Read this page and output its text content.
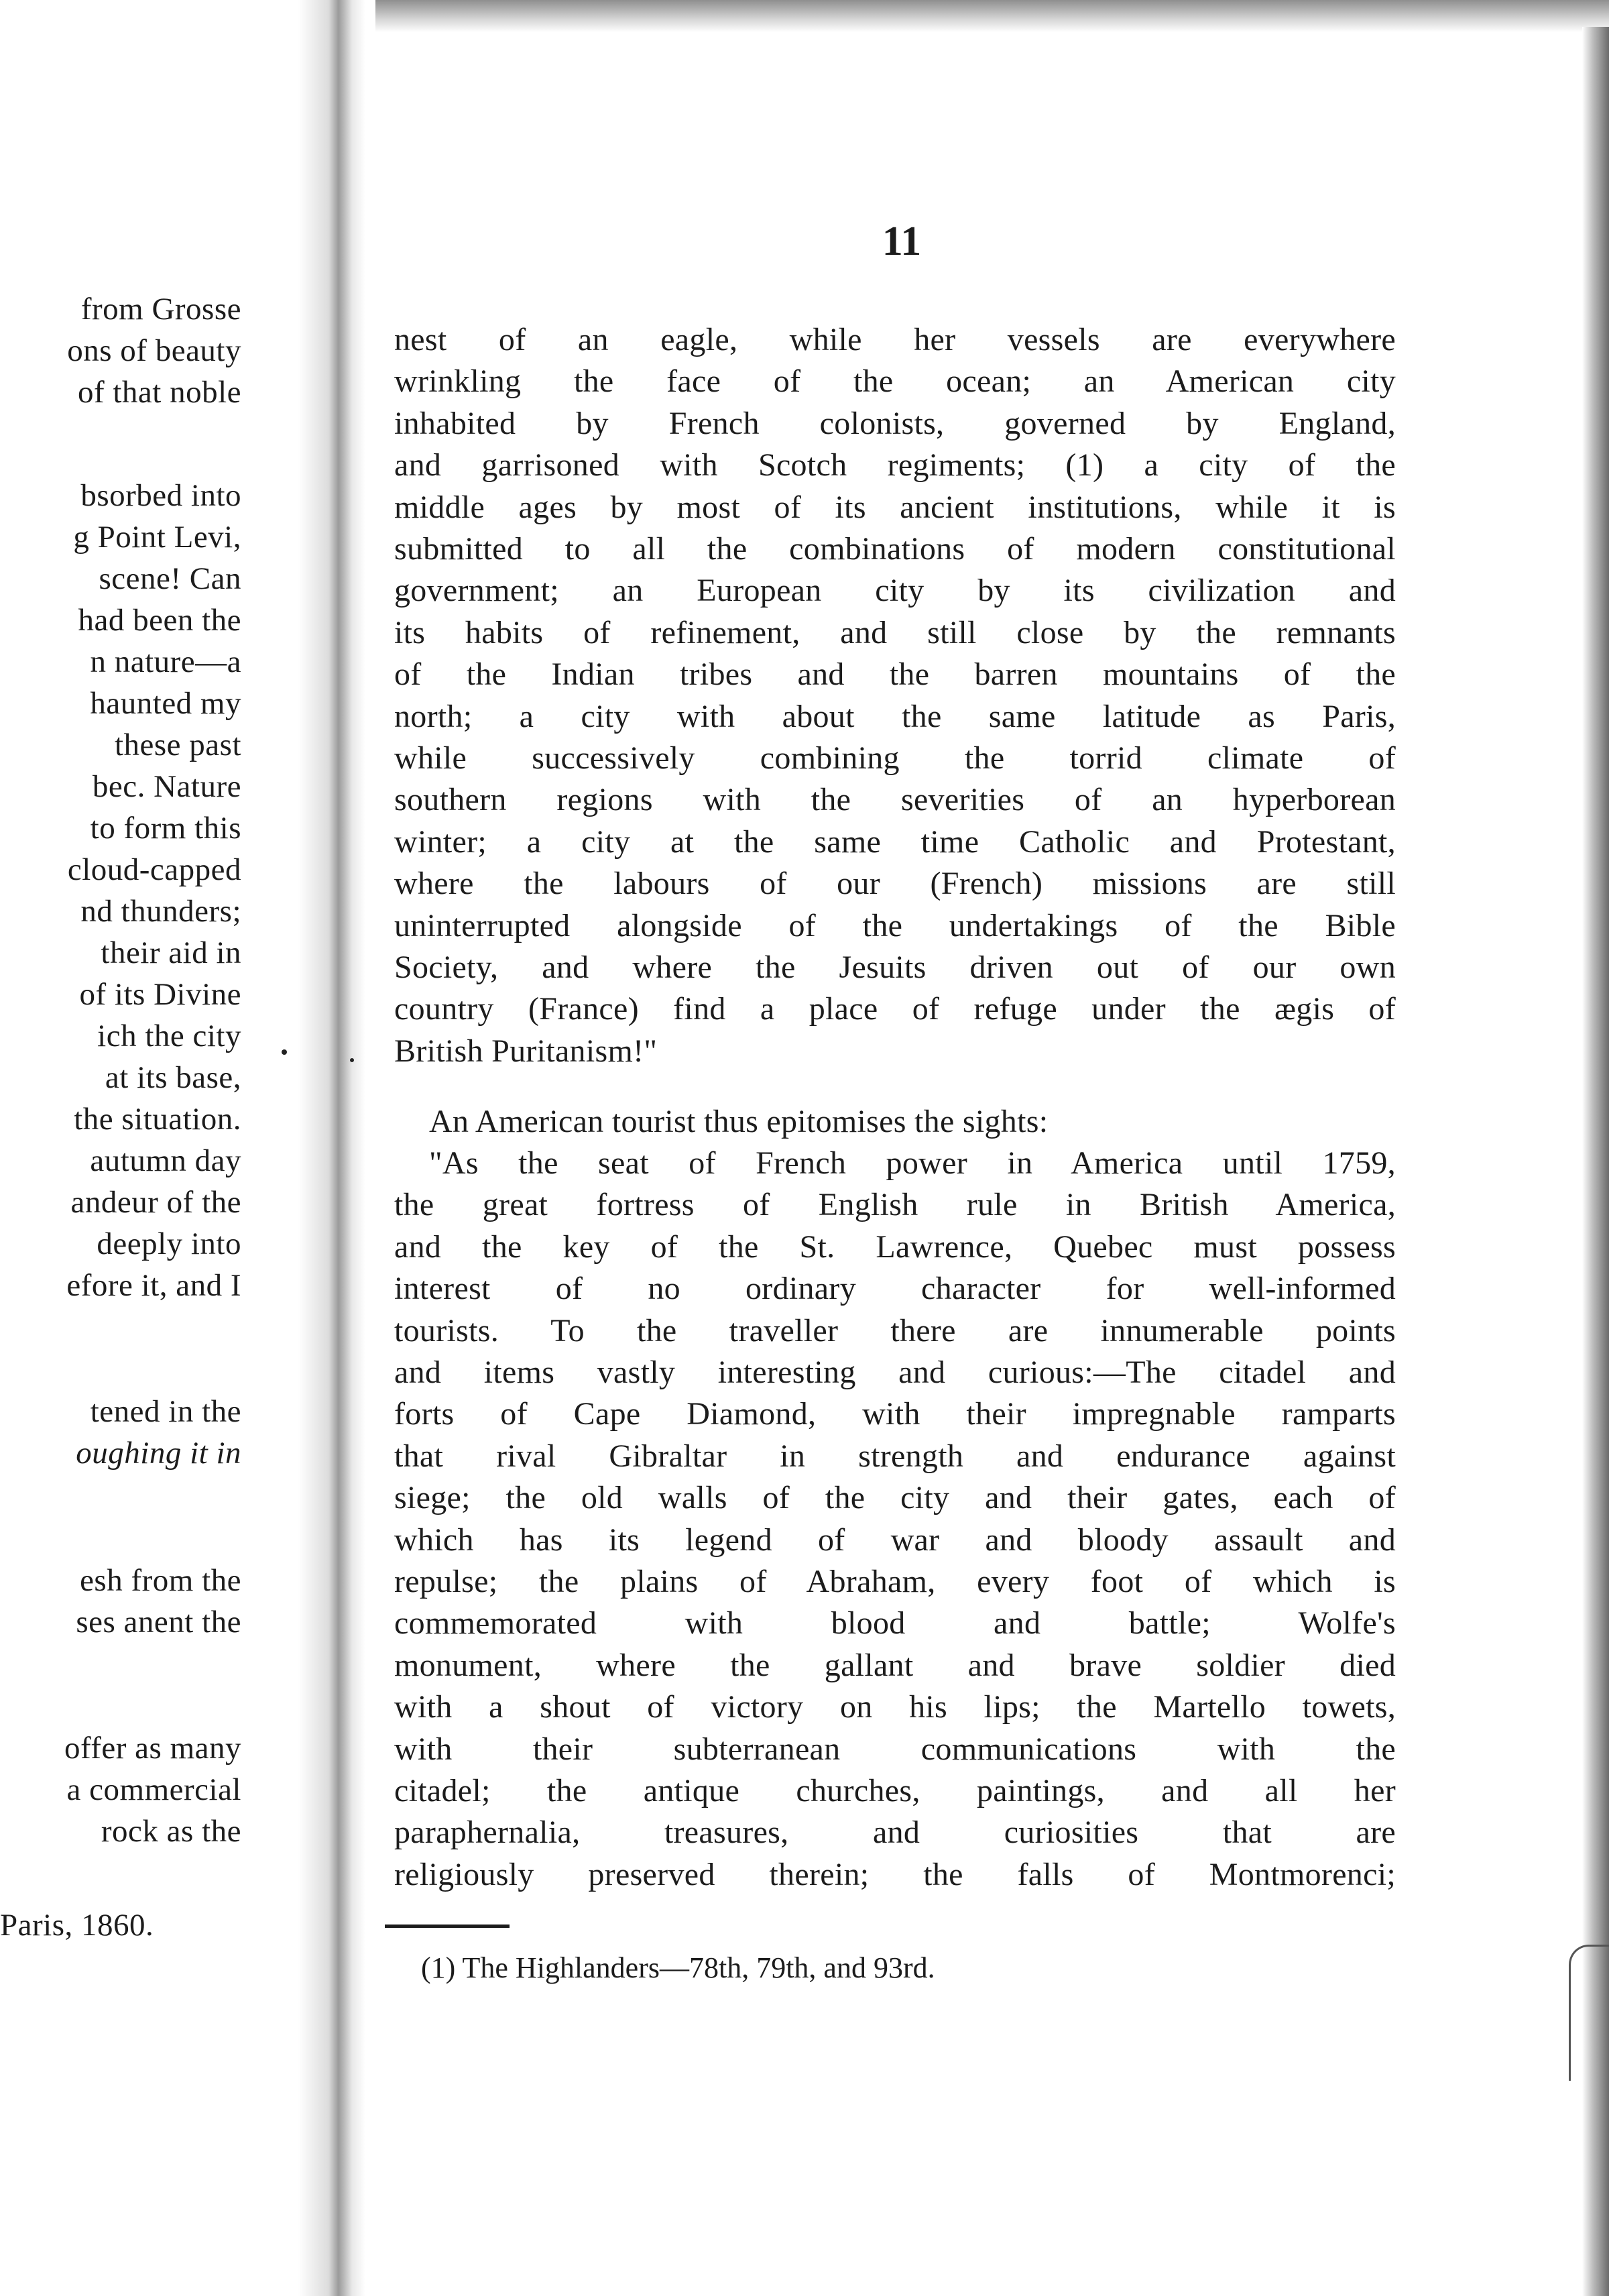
from Grosse
ons of beauty
of that noble
bsorbed into
g Point Levi,
scene! Can
had been the
n nature—a
haunted my
these past
bec. Nature
to form this
cloud-capped
nd thunders;
their aid in
of its Divine
ich the city
at its base,
the situation.
autumn day
andeur of the
deeply into
efore it, and I
tened in the
oughing it in
esh from the
ses anent the
offer as many
a commercial
rock as the
Paris, 1860.
11
nest of an eagle, while her vessels are everywhere
wrinkling the face of the ocean; an American city
inhabited by French colonists, governed by England,
and garrisoned with Scotch regiments; (1) a city of the
middle ages by most of its ancient institutions, while it is
submitted to all the combinations of modern constitutional
government; an European city by its civilization and
its habits of refinement, and still close by the remnants
of the Indian tribes and the barren mountains of the
north; a city with about the same latitude as Paris,
while successively combining the torrid climate of
southern regions with the severities of an hyperborean
winter; a city at the same time Catholic and Protestant,
where the labours of our (French) missions are still
uninterrupted alongside of the undertakings of the Bible
Society, and where the Jesuits driven out of our own
country (France) find a place of refuge under the ægis of
British Puritanism!"
An American tourist thus epitomises the sights:
"As the seat of French power in America until 1759,
the great fortress of English rule in British America,
and the key of the St. Lawrence, Quebec must possess
interest of no ordinary character for well-informed
tourists. To the traveller there are innumerable points
and items vastly interesting and curious:—The citadel and
forts of Cape Diamond, with their impregnable ramparts
that rival Gibraltar in strength and endurance against
siege; the old walls of the city and their gates, each of
which has its legend of war and bloody assault and
repulse; the plains of Abraham, every foot of which is
commemorated with blood and battle; Wolfe's
monument, where the gallant and brave soldier died
with a shout of victory on his lips; the Martello towets,
with their subterranean communications with the
citadel; the antique churches, paintings, and all her
paraphernalia, treasures, and curiosities that are
religiously preserved therein; the falls of Montmorenci;
(1) The Highlanders—78th, 79th, and 93rd.
